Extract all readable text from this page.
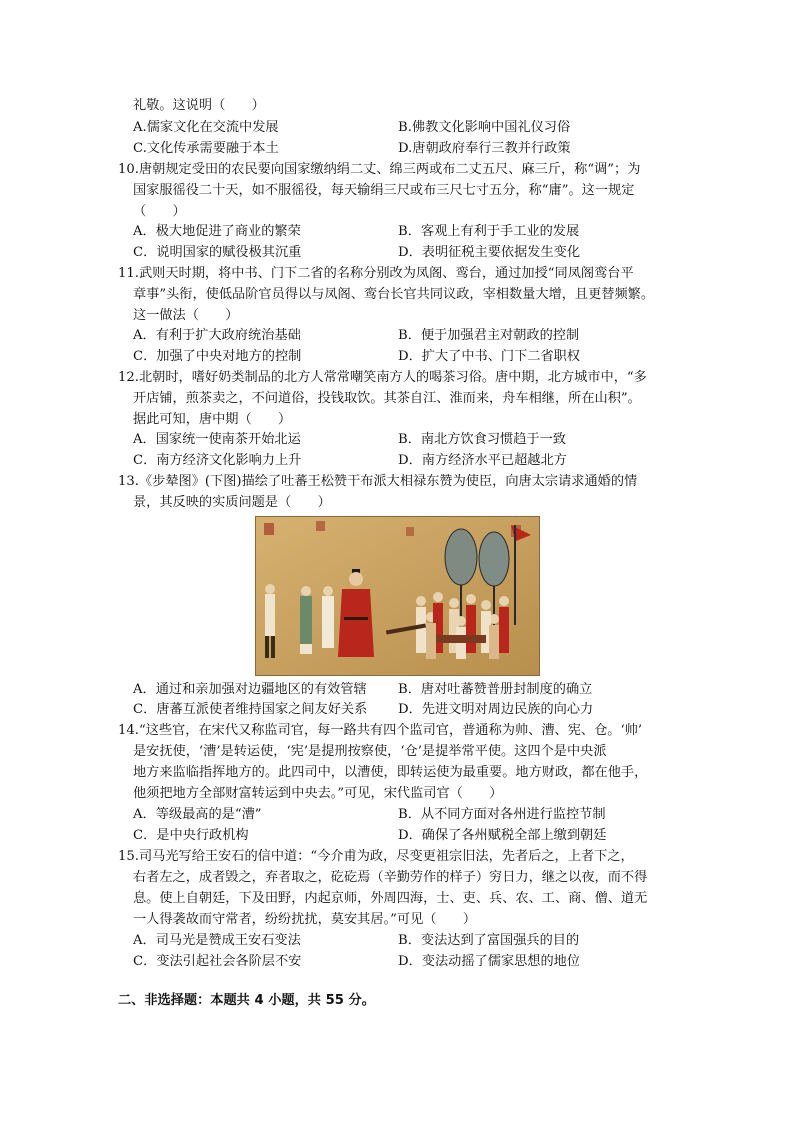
礼敬。这说明（　　）
A.儒家文化在交流中发展	B.佛教文化影响中国礼仪习俗
C.文化传承需要融于本土	D.唐朝政府奉行三教并行政策
10.唐朝规定受田的农民要向国家缴纳绢二丈、绵三两或布二丈五尺、麻三斤，称“调”；为
国家服徭役二十天，如不服徭役，每天输绢三尺或布三尺七寸五分，称“庸”。这一规定
（　　）
A．极大地促进了商业的繁荣	B．客观上有利于手工业的发展
C．说明国家的赋役极其沉重	D．表明征税主要依据发生变化
11.武则天时期，将中书、门下二省的名称分别改为凤阁、鸾台，通过加授“同凤阁鸾台平
章事”头衔，使低品阶官员得以与凤阁、鸾台长官共同议政，宰相数量大增，且更替频繁。
这一做法（　　）
A．有利于扩大政府统治基础	B．便于加强君主对朝政的控制
C．加强了中央对地方的控制	D．扩大了中书、门下二省职权
12.北朝时，嗜好奶类制品的北方人常常嘲笑南方人的喝茶习俗。唐中期，北方城市中，“多
开店铺，煎茶卖之，不问道俗，投钱取饮。其茶自江、淮而来，舟车相继，所在山积”。
据此可知，唐中期（　　）
A．国家统一使南茶开始北运	B．南北方饮食习惯趋于一致
C．南方经济文化影响力上升	D．南方经济水平已超越北方
13.《步辇图》(下图)描绘了吐蕃王松赞干布派大相禄东赞为使臣，向唐太宗请求通婚的情
景，其反映的实质问题是（　　）
A．通过和亲加强对边疆地区的有效管辖 B．唐对吐蕃赞普册封制度的确立
C．唐蕃互派使者维持国家之间友好关系 D．先进文明对周边民族的向心力
14.“这些官，在宋代又称监司官，每一路共有四个监司官，普通称为帅、漕、宪、仓。‘帅’
是安抚使，‘漕’是转运使，‘宪’是提刑按察使，‘仓’是提举常平使。这四个是中央派
地方来监临指挥地方的。此四司中，以漕使，即转运使为最重要。地方财政，都在他手，
他须把地方全部财富转运到中央去。”可见，宋代监司官（　　）
A．等级最高的是“漕”	B．从不同方面对各州进行监控节制
C．是中央行政机构	D．确保了各州赋税全部上缴到朝廷
15.司马光写给王安石的信中道：“今介甫为政，尽变更祖宗旧法，先者后之，上者下之，
右者左之，成者毁之，弃者取之，矻矻焉（辛勤劳作的样子）穷日力，继之以夜，而不得
息。使上自朝廷，下及田野，内起京师，外周四海，士、吏、兵、农、工、商、僧、道无
一人得袭故而守常者，纷纷扰扰，莫安其居。”可见（　　）
A．司马光是赞成王安石变法	B．变法达到了富国强兵的目的
C．变法引起社会各阶层不安	D．变法动摇了儒家思想的地位
二、非选择题：本题共 4 小题，共 55 分。
